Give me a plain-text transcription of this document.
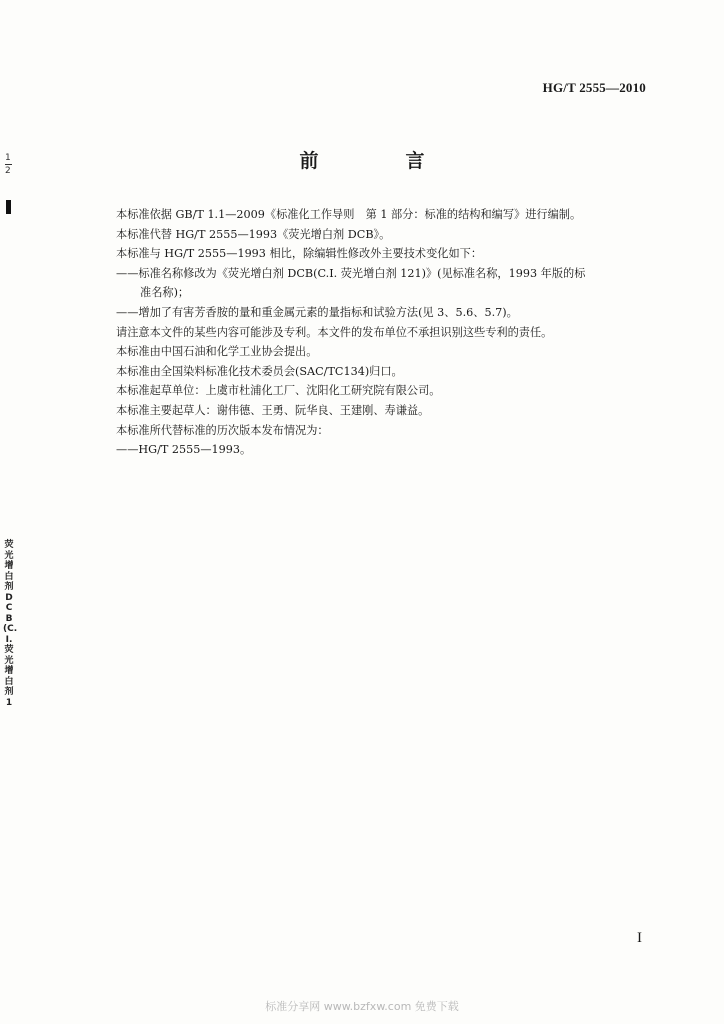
HG/T 2555—2010
1
2	前　言

本标准依据 GB/T 1.1—2009《标准化工作导则　第 1 部分：标准的结构和编写》进行编制。

本标准代替 HG/T 2555—1993《荧光增白剂 DCB》。

本标准与 HG/T 2555—1993 相比，除编辑性修改外主要技术变化如下：

——标准名称修改为《荧光增白剂 DCB(C.I. 荧光增白剂 121)》(见标准名称，1993 年版的标

准名称)；

——增加了有害芳香胺的量和重金属元素的量指标和试验方法(见 3、5.6、5.7)。

请注意本文件的某些内容可能涉及专利。本文件的发布单位不承担识别这些专利的责任。

本标准由中国石油和化学工业协会提出。

本标准由全国染料标准化技术委员会(SAC/TC134)归口。

本标准起草单位：上虞市杜浦化工厂、沈阳化工研究院有限公司。

本标准主要起草人：谢伟德、王勇、阮华良、王建刚、寿谦益。

本标准所代替标准的历次版本发布情况为：

——HG/T 2555—1993。

荧光增白剂DCB(C.I.荧光增白剂1
I
标准分享网 www.bzfxw.com 免费下载
